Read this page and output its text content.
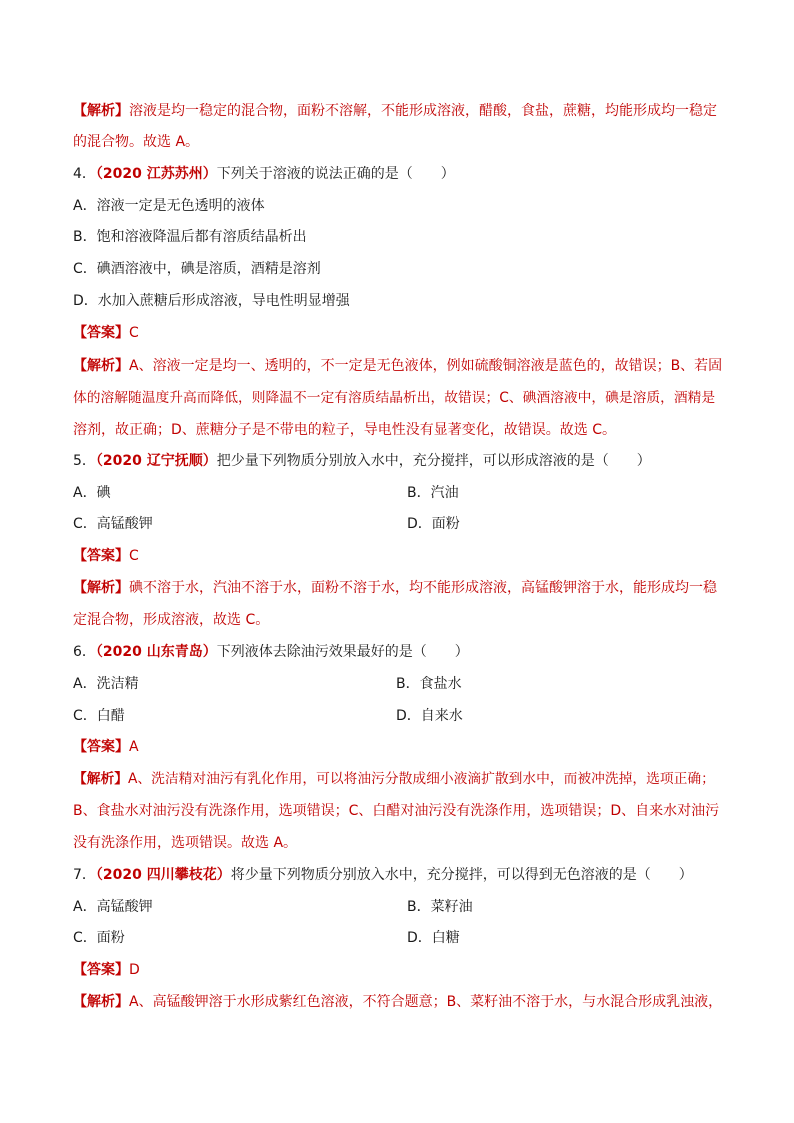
【解析】溶液是均一稳定的混合物，面粉不溶解，不能形成溶液，醋酸，食盐，蔗糖，均能形成均一稳定
的混合物。故选 A。
4．（2020 江苏苏州）下列关于溶液的说法正确的是（　　）
A．溶液一定是无色透明的液体
B．饱和溶液降温后都有溶质结晶析出
C．碘酒溶液中，碘是溶质，酒精是溶剂
D．水加入蔗糖后形成溶液，导电性明显增强
【答案】C
【解析】A、溶液一定是均一、透明的，不一定是无色液体，例如硫酸铜溶液是蓝色的，故错误；B、若固
体的溶解随温度升高而降低，则降温不一定有溶质结晶析出，故错误；C、碘酒溶液中，碘是溶质，酒精是
溶剂，故正确；D、蔗糖分子是不带电的粒子，导电性没有显著变化，故错误。故选 C。
5．（2020 辽宁抚顺）把少量下列物质分别放入水中，充分搅拌，可以形成溶液的是（　　）
A．碘	B．汽油
C．高锰酸钾	D．面粉
【答案】C
【解析】碘不溶于水，汽油不溶于水，面粉不溶于水，均不能形成溶液，高锰酸钾溶于水，能形成均一稳
定混合物，形成溶液，故选 C。
6．（2020 山东青岛）下列液体去除油污效果最好的是（　　）
A．洗洁精	B．食盐水
C．白醋	D．自来水
【答案】A
【解析】A、洗洁精对油污有乳化作用，可以将油污分散成细小液滴扩散到水中，而被冲洗掉，选项正确；
B、食盐水对油污没有洗涤作用，选项错误；C、白醋对油污没有洗涤作用，选项错误；D、自来水对油污
没有洗涤作用，选项错误。故选 A。
7．（2020 四川攀枝花）将少量下列物质分别放入水中，充分搅拌，可以得到无色溶液的是（　　）
A．高锰酸钾	B．菜籽油
C．面粉	D．白糖
【答案】D
【解析】A、高锰酸钾溶于水形成紫红色溶液，不符合题意；B、菜籽油不溶于水，与水混合形成乳浊液，
